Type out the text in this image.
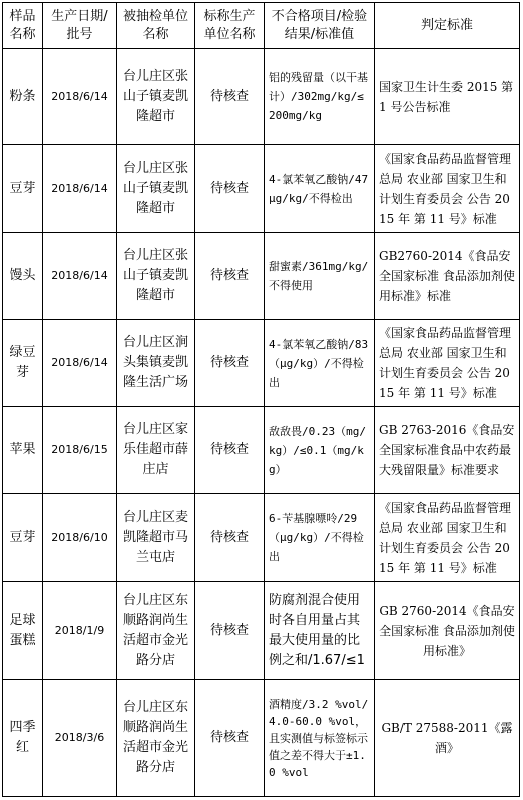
样品名称	生产日期/批号	被抽检单位名称	标称生产单位名称	不合格项目/检验结果/标准值	判定标准
粉条	2018/6/14	台儿庄区张山子镇麦凯隆超市	待核查	铝的残留量（以干基计）/302mg/kg/≤200mg/kg	国家卫生计生委 2015 第 1 号公告标准
豆芽	2018/6/14	台儿庄区张山子镇麦凯隆超市	待核查	4-氯苯氧乙酸钠/47μg/kg/不得检出	《国家食品药品监督管理总局 农业部 国家卫生和计划生育委员会 公告 2015 年 第 11 号》标准
馒头	2018/6/14	台儿庄区张山子镇麦凯隆超市	待核查	甜蜜素/361mg/kg/不得使用	GB2760-2014《食品安全国家标准 食品添加剂使用标准》标准
绿豆芽	2018/6/14	台儿庄区涧头集镇麦凯隆生活广场	待核查	4-氯苯氧乙酸钠/83（μg/kg）/不得检出	《国家食品药品监督管理总局 农业部 国家卫生和计划生育委员会 公告 2015 年 第 11 号》标准
苹果	2018/6/15	台儿庄区家乐佳超市薛庄店	待核查	敌敌畏/0.23（mg/kg）/≤0.1（mg/kg）	GB 2763-2016《食品安全国家标准食品中农药最大残留限量》标准要求
豆芽	2018/6/10	台儿庄区麦凯隆超市马兰屯店	待核查	6-苄基腺嘌呤/29（μg/kg）/不得检出	《国家食品药品监督管理总局 农业部 国家卫生和计划生育委员会 公告 2015 年 第 11 号》标准
足球蛋糕	2018/1/9	台儿庄区东顺路润尚生活超市金光路分店	待核查	防腐剂混合使用时各自用量占其最大使用量的比例之和/1.67/≤1	GB 2760-2014《食品安全国家标准 食品添加剂使用标准》
四季红	2018/3/6	台儿庄区东顺路润尚生活超市金光路分店	待核查	酒精度/3.2 %vol/4.0-60.0 %vol，且实测值与标签标示值之差不得大于±1.0 %vol	GB/T 27588-2011《露酒》
